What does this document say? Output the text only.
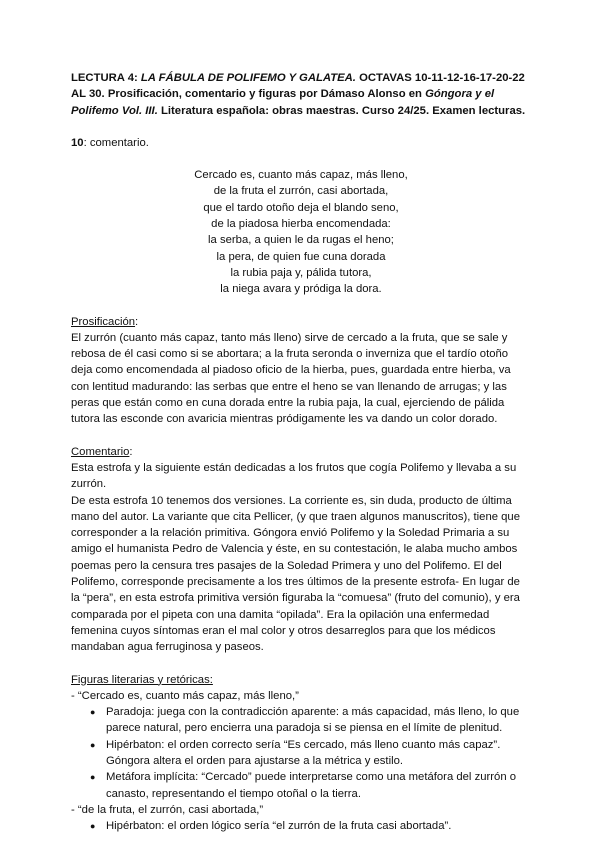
LECTURA 4: LA FÁBULA DE POLIFEMO Y GALATEA. OCTAVAS 10-11-12-16-17-20-22 AL 30. Prosificación, comentario y figuras por Dámaso Alonso en Góngora y el Polifemo Vol. III. Literatura española: obras maestras. Curso 24/25. Examen lecturas.

10: comentario.

Cercado es, cuanto más capaz, más lleno,
de la fruta el zurrón, casi abortada,
que el tardo otoño deja el blando seno,
de la piadosa hierba encomendada:
la serba, a quien le da rugas el heno;
la pera, de quien fue cuna dorada
la rubia paja y, pálida tutora,
la niega avara y pródiga la dora.

Prosificación:

El zurrón (cuanto más capaz, tanto más lleno) sirve de cercado a la fruta, que se sale y rebosa de él casi como si se abortara; a la fruta seronda o invernizа que el tardío otoño deja como encomendada al piadoso oficio de la hierba, pues, guardada entre hierba, va con lentitud madurando: las serbas que entre el heno se van llenando de arrugas; y las peras que están como en cuna dorada entre la rubia paja, la cual, ejerciendo de pálida tutora las esconde con avaricia mientras pródigamente les va dando un color dorado.

Comentario:

Esta estrofa y la siguiente están dedicadas a los frutos que cogía Polifemo y llevaba a su zurrón.

De esta estrofa 10 tenemos dos versiones. La corriente es, sin duda, producto de última mano del autor. La variante que cita Pellicer, (y que traen algunos manuscritos), tiene que corresponder a la relación primitiva. Góngora envió Polifemo y la Soledad Primaria a su amigo el humanista Pedro de Valencia y éste, en su contestación, le alaba mucho ambos poemas pero la censura tres pasajes de la Soledad Primera y uno del Polifemo. El del Polifemo, corresponde precisamente a los tres últimos de la presente estrofa- En lugar de la “pera”, en esta estrofa primitiva versión figuraba la “comuesa” (fruto del comunio), y era comparada por el pipeta con una damita “opilada”. Era la opilación una enfermedad femenina cuyos síntomas eran el mal color y otros desarreglos para que los médicos mandaban agua ferruginosa y paseos.

Figuras literarias y retóricas:

- “Cercado es, cuanto más capaz, más lleno,”

● Paradoja: juega con la contradicción aparente: a más capacidad, más lleno, lo que parece natural, pero encierra una paradoja si se piensa en el límite de plenitud.
● Hipérbaton: el orden correcto sería “Es cercado, más lleno cuanto más capaz”. Góngora altera el orden para ajustarse a la métrica y estilo.
● Metáfora implícita: “Cercado” puede interpretarse como una metáfora del zurrón o canasto, representando el tiempo otoñal o la tierra.

- “de la fruta, el zurrón, casi abortada,”

● Hipérbaton: el orden lógico sería “el zurrón de la fruta casi abortada”.
